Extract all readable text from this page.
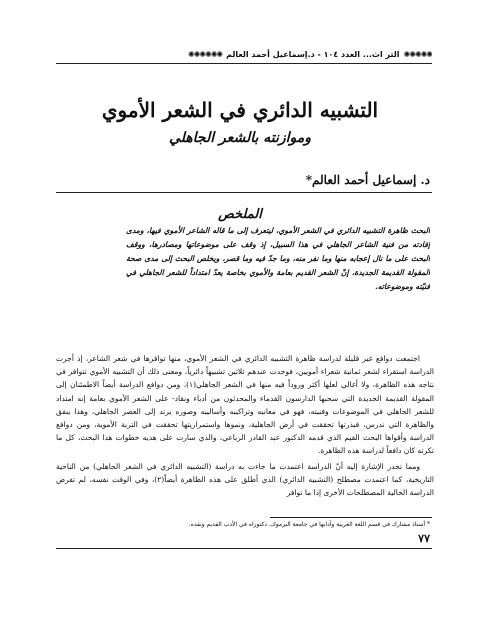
✺✺✺✺✺
التر اث... العدد ١٠٤ - د.إسماعيل أحمد العالم
✺✺✺✺✺✺
التشبيه الدائري في الشعر الأموي
وموازنته بالشعر الجاهلي
د. إسماعيل أحمد العالم*
الملخص
البحث ظاهرة التشبيه الدائري في الشعر الأموي، ليتعرف إلى ما قاله الشاعر الأموي فيها، ومدى إفادته من فنية الشاعر الجاهلي في هذا السبيل، إذ وقف على موضوعاتها ومصادرها، ووقف البحث على ما نال إعجابه منها وما نفر منه، وما جدّ فيه وما قصر، ويخلص البحث إلى مدى صحة المقولة القديمة الجديدة، إنّ الشعر القديم بعامة والأموي بخاصة يعدّ امتداداً للشعر الجاهلي في فنيّته وموضوعاته.

اجتمعت دوافع غير قليلة لدراسة ظاهرة التشبيه الدائري في الشعر الأموي، منها توافرها في شعر الشاعر، إذ أجرت الدراسة استقراء لشعر ثمانية شعراء أمويين، فوجدت عندهم ثلاثين تشبيهاً دائرياً، ومعنى ذلك أن التشبيه الأموي تتوافر في نتاجه هذه الظاهرة، ولا أغالي لعلها أكثر وروداً فيه منها في الشعر الجاهلي(١)، ومن دوافع الدراسة أيضاً الاطمئنان إلى المقولة القديمة الجديدة التي سحبها الدارسون القدماء والمحدثون من أدباء ونقاد- على الشعر الأموي بعامة إنه امتداد للشعر الجاهلي في الموضوعات وفنيته، فهو في معانيه وتراكيبه وأساليبه وصوره يرتد إلى العصر الجاهلي، وهذا ينفق والظاهرة التي ندرس، فبذرتها تحققت في أرض الجاهلية، ونموها واستمراريتها تحققت في التربة الأموية، ومن دوافع الدراسة وأقواها البحث القيم الذي قدمه الدكتور عبد القادر الرباعي، والذي سارت على هديه خطوات هذا البحث، كل ما تكرته كان دافعاً لدراسة هذه الظاهرة.

ومما تجدر الإشارة إليه أنّ الدراسة اعتمدت ما جاءت به دراسة (التشبيه الدائري في الشعر الجاهلي) من الناحية التاريخية، كما اعتمدت مصطلح (التشبيه الدائري) الذي أطلق على هذه الظاهرة أيضاً(٢)، وفي الوقت نفسه، لم تفرض الدراسة الحالية المصطلحات الأخرى إذا ما توافر

* أستاذ مشارك في قسم اللغة العربية وآدابها في جامعة اليرموك، دكتوراه في الأدب القديم ونقده.
٧٧
